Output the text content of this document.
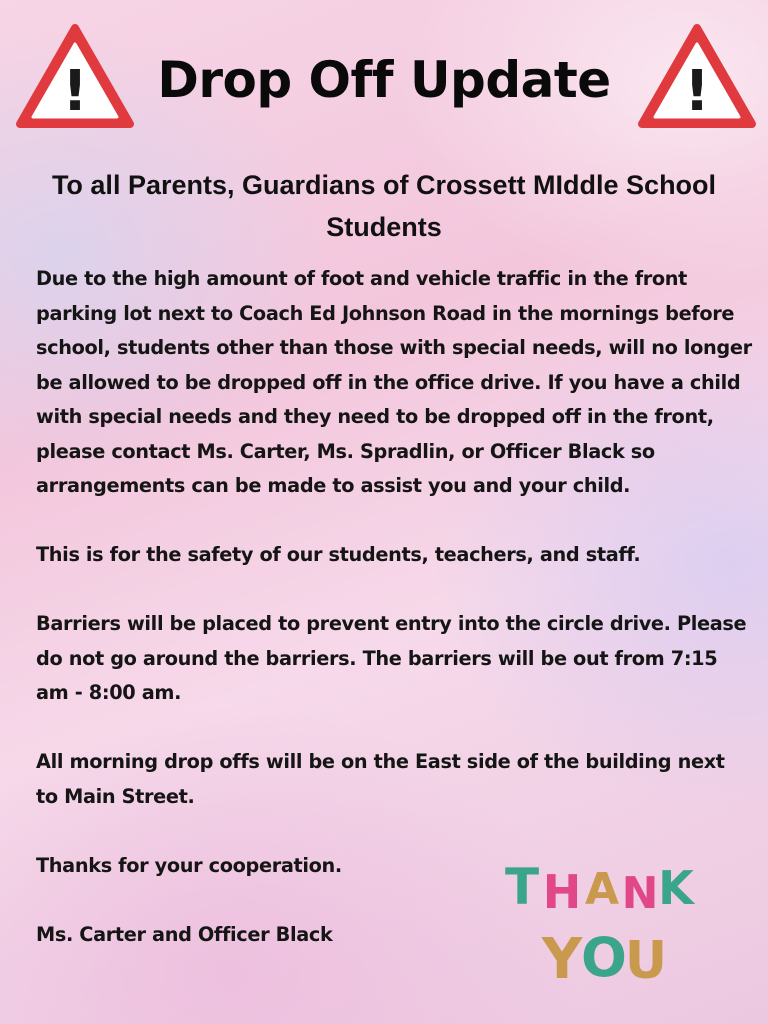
!	!
Drop Off Update
To all Parents, Guardians of Crossett MIddle School Students

Due to the high amount of foot and vehicle traffic in the front parking lot next to Coach Ed Johnson Road in the mornings before school, students other than those with special needs, will no longer be allowed to be dropped off in the office drive. If you have a child with special needs and they need to be dropped off in the front, please contact Ms. Carter, Ms. Spradlin, or Officer Black so arrangements can be made to assist you and your child.

This is for the safety of our students, teachers, and staff.

Barriers will be placed to prevent entry into the circle drive. Please do not go around the barriers. The barriers will be out from 7:15 am - 8:00 am.

All morning drop offs will be on the East side of the building next to Main Street.

Thanks for your cooperation.

Ms. Carter and Officer Black

T H A N K
Y
O
U
